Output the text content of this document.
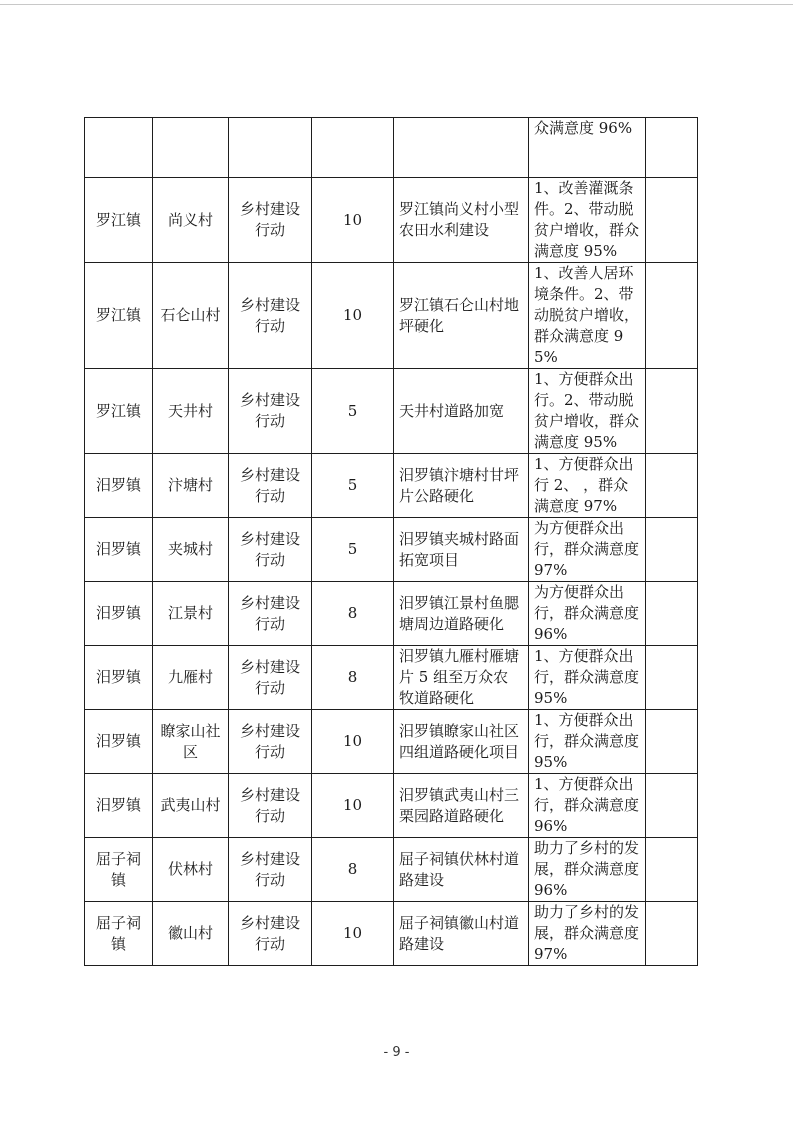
					众满意度 96%	
罗江镇	尚义村	乡村建设行动	10	罗江镇尚义村小型农田水利建设	1、改善灌溉条件。2、带动脱贫户增收，群众满意度 95%	
罗江镇	石仑山村	乡村建设行动	10	罗江镇石仑山村地坪硬化	1、改善人居环境条件。2、带动脱贫户增收，群众满意度 95%	
罗江镇	天井村	乡村建设行动	5	天井村道路加宽	1、方便群众出行。2、带动脱贫户增收，群众满意度 95%	
汨罗镇	汴塘村	乡村建设行动	5	汨罗镇汴塘村甘坪片公路硬化	1、方便群众出行 2、 ，群众满意度 97%	
汨罗镇	夹城村	乡村建设行动	5	汨罗镇夹城村路面拓宽项目	为方便群众出行，群众满意度 97%	
汨罗镇	江景村	乡村建设行动	8	汨罗镇江景村鱼腮塘周边道路硬化	为方便群众出行，群众满意度 96%	
汨罗镇	九雁村	乡村建设行动	8	汨罗镇九雁村雁塘片 5 组至万众农牧道路硬化	1、方便群众出行，群众满意度 95%	
汨罗镇	瞭家山社区	乡村建设行动	10	汨罗镇瞭家山社区四组道路硬化项目	1、方便群众出行，群众满意度 95%	
汨罗镇	武夷山村	乡村建设行动	10	汨罗镇武夷山村三栗园路道路硬化	1、方便群众出行，群众满意度 96%	
屈子祠镇	伏林村	乡村建设行动	8	屈子祠镇伏林村道路建设	助力了乡村的发展，群众满意度 96%	
屈子祠镇	徽山村	乡村建设行动	10	屈子祠镇徽山村道路建设	助力了乡村的发展，群众满意度 97%	
- 9 -
